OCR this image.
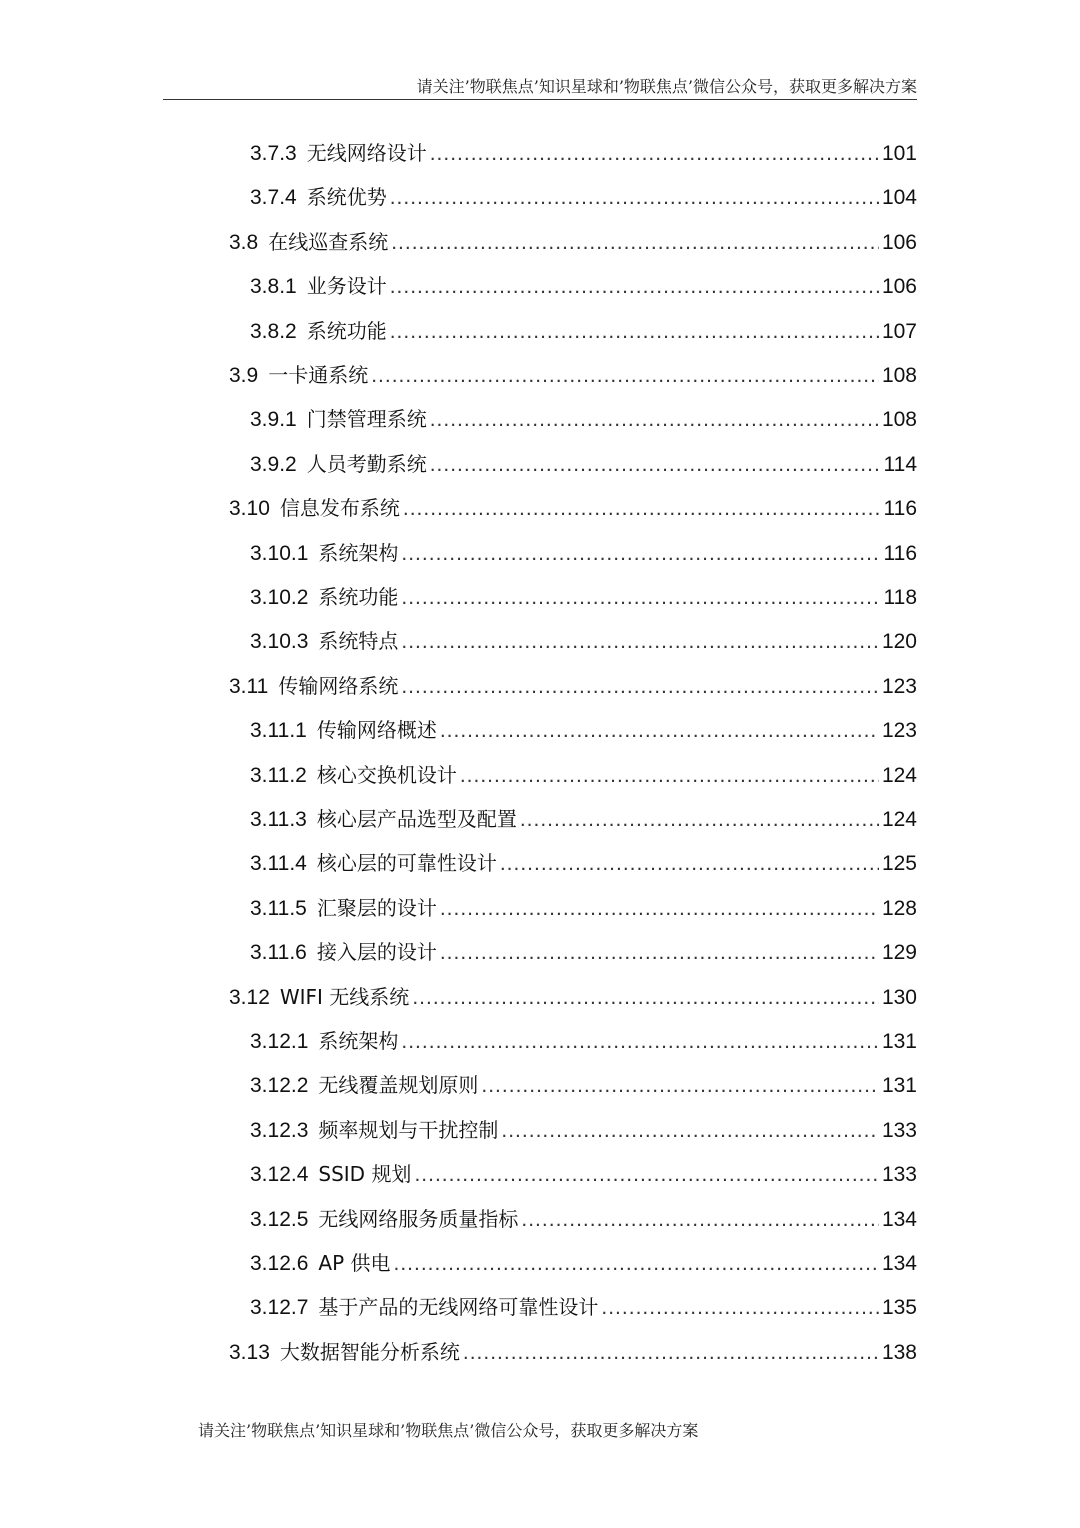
请关注’物联焦点’知识星球和’物联焦点’微信公众号，获取更多解决方案
3.7.3 无线网络设计 .....	101
3.7.4 系统优势 .....	104
3.8 在线巡查系统 .....	106
3.8.1 业务设计 .....	106
3.8.2 系统功能 .....	107
3.9 一卡通系统 .....	108
3.9.1 门禁管理系统 .....	108
3.9.2 人员考勤系统 .....	114
3.10 信息发布系统 .....	116
3.10.1 系统架构 .....	116
3.10.2 系统功能 .....	118
3.10.3 系统特点 .....	120
3.11 传输网络系统 .....	123
3.11.1 传输网络概述 .....	123
3.11.2 核心交换机设计 .....	124
3.11.3 核心层产品选型及配置 .....	124
3.11.4 核心层的可靠性设计 .....	125
3.11.5 汇聚层的设计 .....	128
3.11.6 接入层的设计 .....	129
3.12 WIFI 无线系统 .....	130
3.12.1 系统架构 .....	131
3.12.2 无线覆盖规划原则 .....	131
3.12.3 频率规划与干扰控制 .....	133
3.12.4 SSID 规划 .....	133
3.12.5 无线网络服务质量指标 .....	134
3.12.6 AP 供电 .....	134
3.12.7 基于产品的无线网络可靠性设计 .....	135
3.13 大数据智能分析系统 .....	138
请关注’物联焦点’知识星球和’物联焦点’微信公众号，获取更多解决方案
